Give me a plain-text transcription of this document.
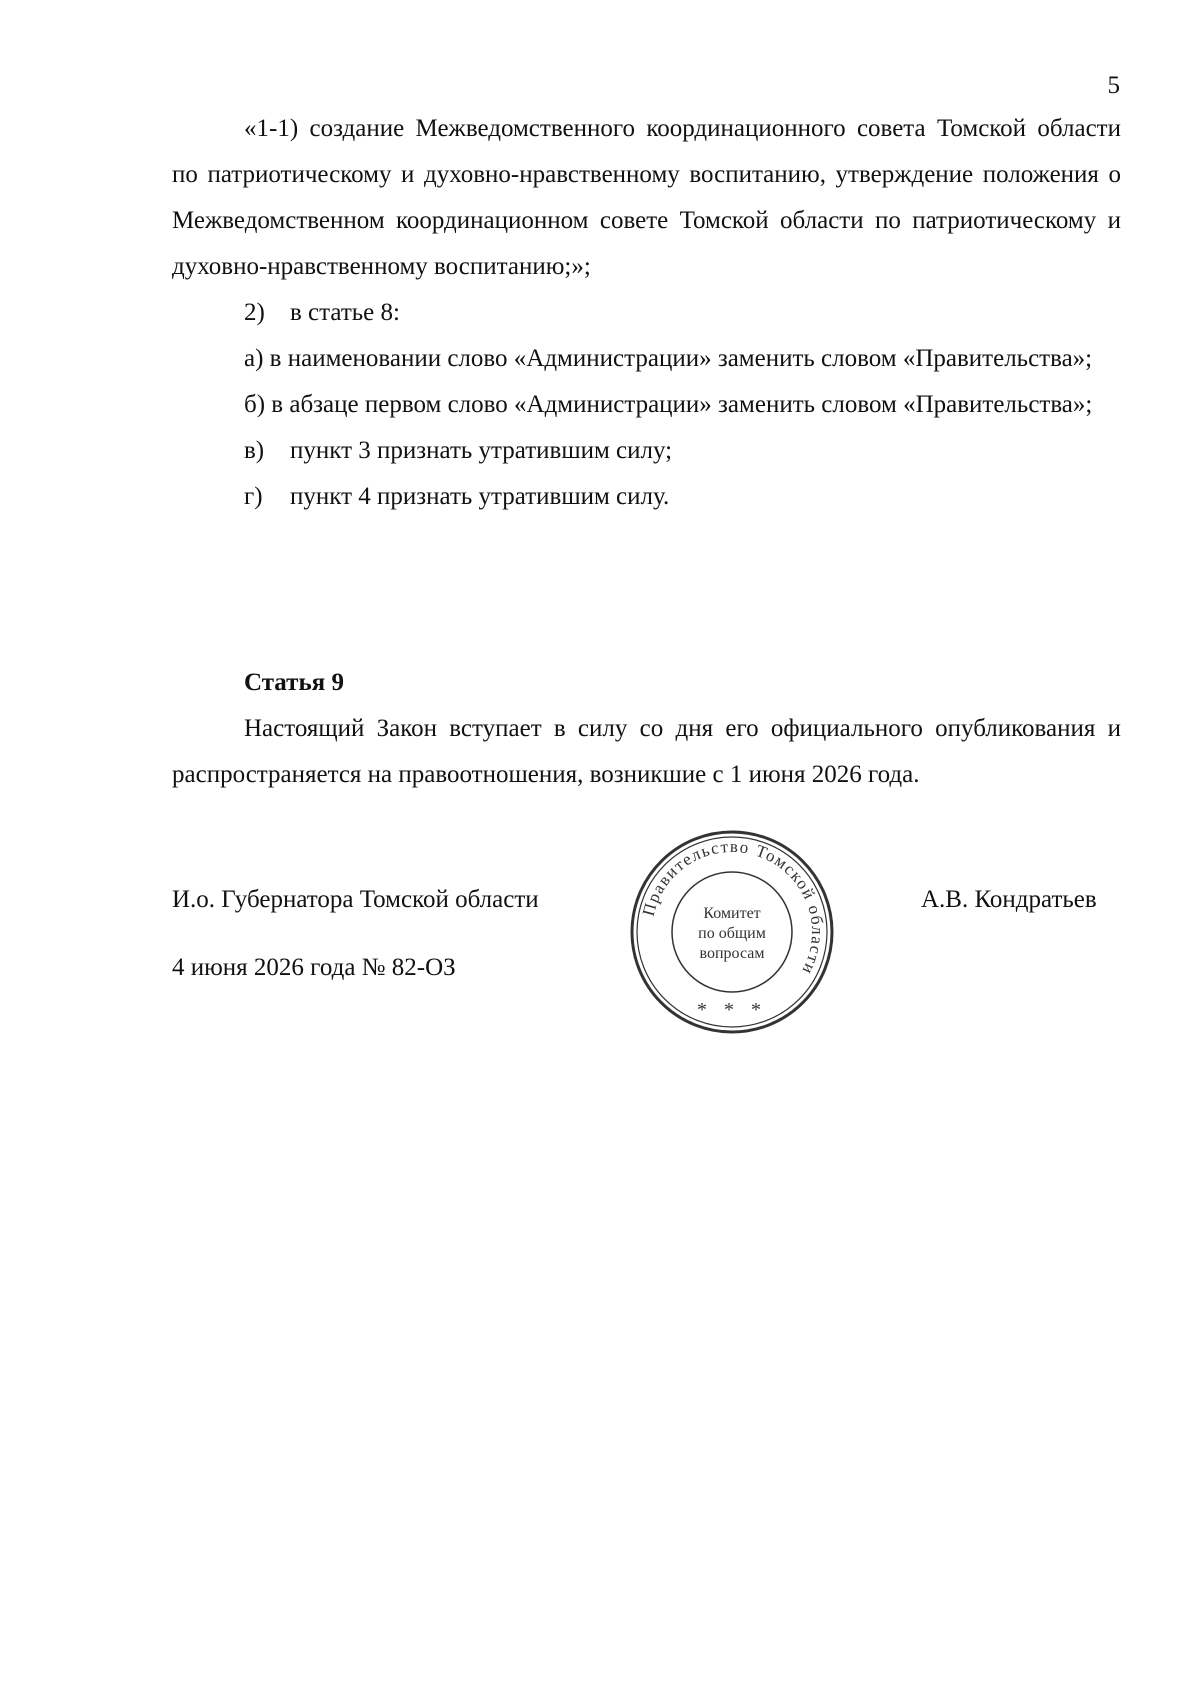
5

«1-1) создание Межведомственного координационного совета Томской области по патриотическому и духовно-нравственному воспитанию, утверждение положения о Межведомственном координационном совете Томской области по патриотическому и духовно-нравственному воспитанию;»;

2) в статье 8:

а) в наименовании слово «Администрации» заменить словом «Правительства»;

б) в абзаце первом слово «Администрации» заменить словом «Правительства»;

в) пункт 3 признать утратившим силу;

г) пункт 4 признать утратившим силу.

Статья 9

Настоящий Закон вступает в силу со дня его официального опубликования и распространяется на правоотношения, возникшие с 1 июня 2026 года.

И.о. Губернатора Томской области	А.В. Кондратьев
4 июня 2026 года № 82-ОЗ
Правительство Томской области
Комитет
по общим
вопросам
* * *
